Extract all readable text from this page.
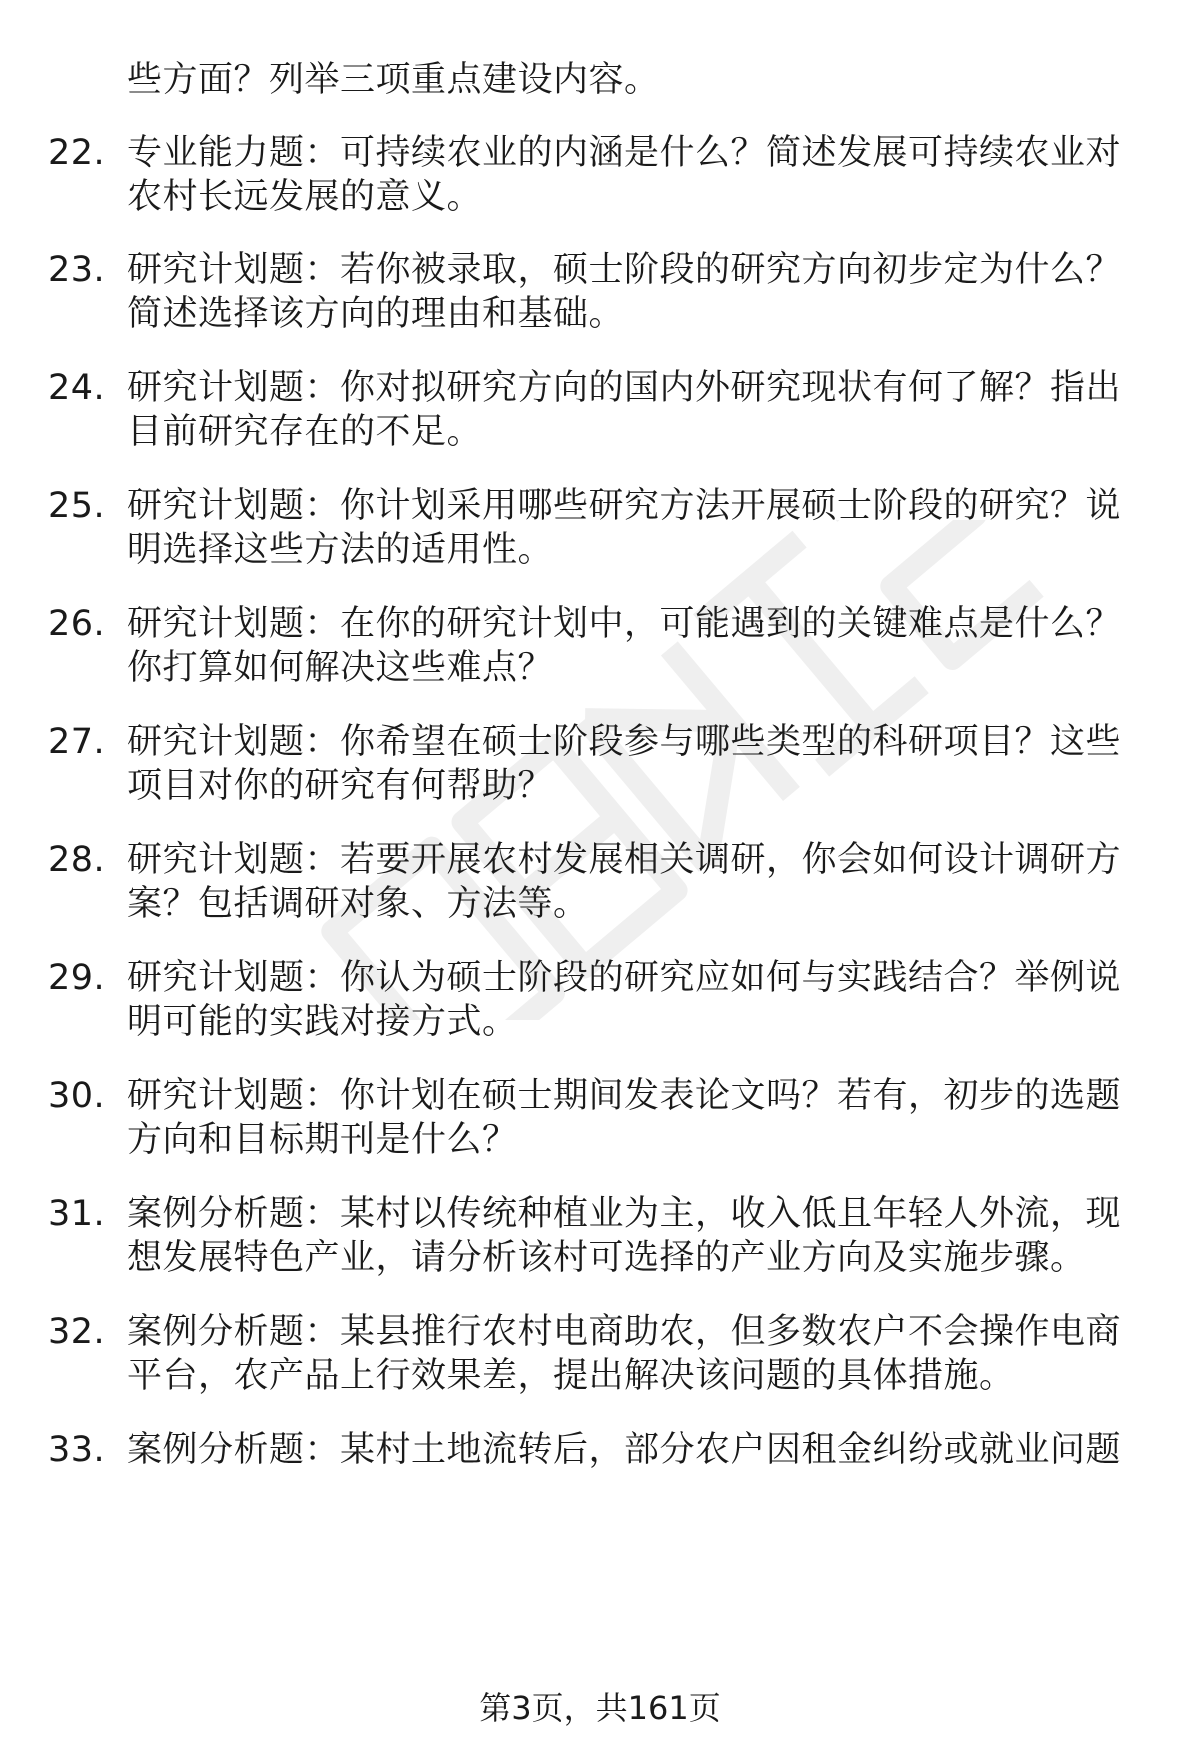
些方面？列举三项重点建设内容。
22. 专业能力题：可持续农业的内涵是什么？简述发展可持续农业对
农村长远发展的意义。
23. 研究计划题：若你被录取，硕士阶段的研究方向初步定为什么？
简述选择该方向的理由和基础。
24. 研究计划题：你对拟研究方向的国内外研究现状有何了解？指出
目前研究存在的不足。
25. 研究计划题：你计划采用哪些研究方法开展硕士阶段的研究？说
明选择这些方法的适用性。
26. 研究计划题：在你的研究计划中，可能遇到的关键难点是什么？
你打算如何解决这些难点？
27. 研究计划题：你希望在硕士阶段参与哪些类型的科研项目？这些
项目对你的研究有何帮助？
28. 研究计划题：若要开展农村发展相关调研，你会如何设计调研方
案？包括调研对象、方法等。
29. 研究计划题：你认为硕士阶段的研究应如何与实践结合？举例说
明可能的实践对接方式。
30. 研究计划题：你计划在硕士期间发表论文吗？若有，初步的选题
方向和目标期刊是什么？
31. 案例分析题：某村以传统种植业为主，收入低且年轻人外流，现
想发展特色产业，请分析该村可选择的产业方向及实施步骤。
32. 案例分析题：某县推行农村电商助农，但多数农户不会操作电商
平台，农产品上行效果差，提出解决该问题的具体措施。
33. 案例分析题：某村土地流转后，部分农户因租金纠纷或就业问题
第3页，共161页
